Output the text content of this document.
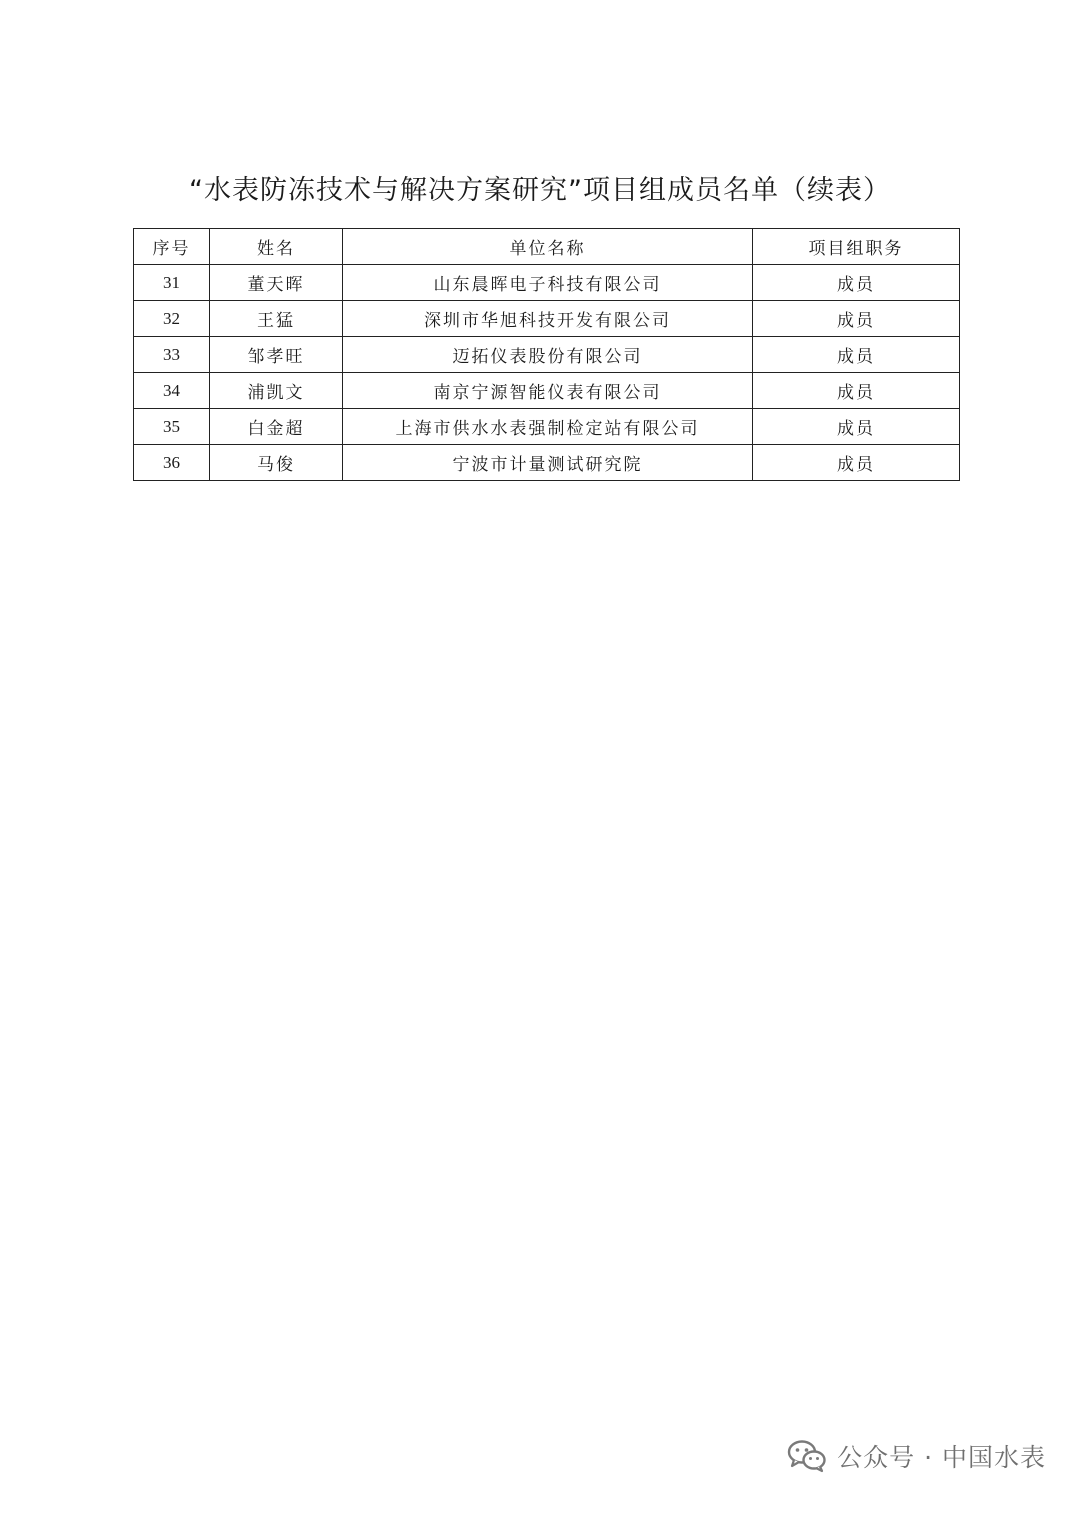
“水表防冻技术与解决方案研究”项目组成员名单（续表）
序号	姓名	单位名称	项目组职务
31	董天晖	山东晨晖电子科技有限公司	成员
32	王猛	深圳市华旭科技开发有限公司	成员
33	邹孝旺	迈拓仪表股份有限公司	成员
34	浦凯文	南京宁源智能仪表有限公司	成员
35	白金超	上海市供水水表强制检定站有限公司	成员
36	马俊	宁波市计量测试研究院	成员
公众号 · 中国水表
